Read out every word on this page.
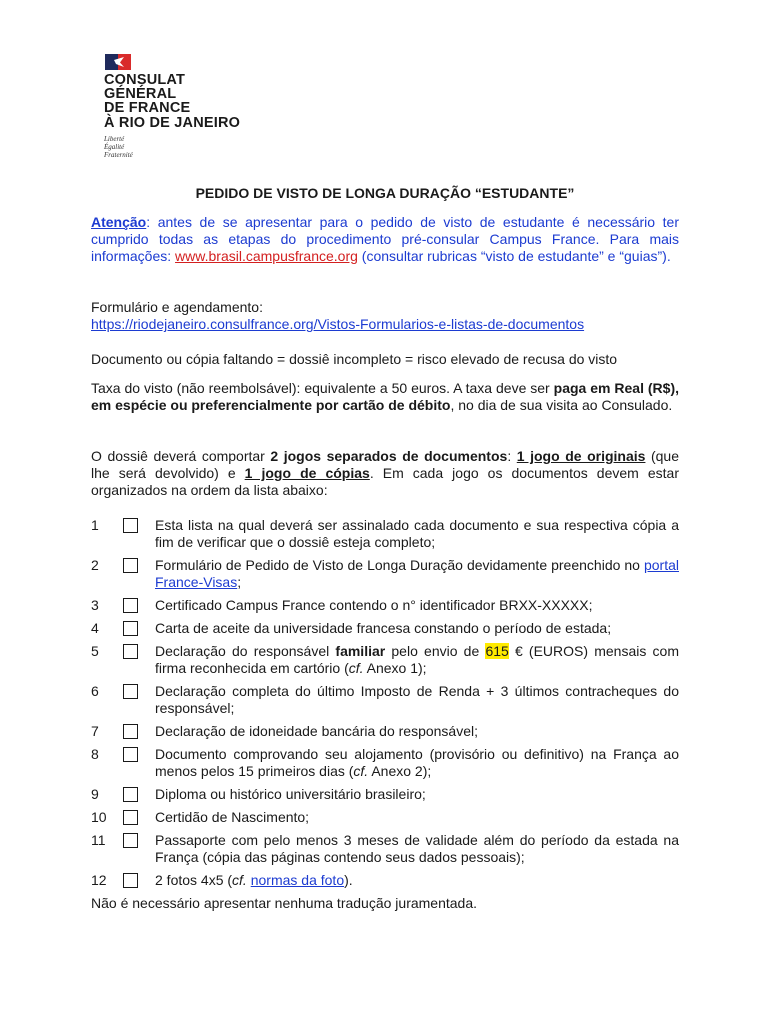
CONSULAT
GÉNÉRAL
DE FRANCE
À RIO DE JANEIRO
Liberté
Égalité
Fraternité
PEDIDO DE VISTO DE LONGA DURAÇÃO “ESTUDANTE”
Atenção: antes de se apresentar para o pedido de visto de estudante é necessário ter cumprido todas as etapas do procedimento pré-consular Campus France. Para mais informações: www.brasil.campusfrance.org (consultar rubricas “visto de estudante” e “guias”).
Formulário e agendamento:
https://riodejaneiro.consulfrance.org/Vistos-Formularios-e-listas-de-documentos
Documento ou cópia faltando = dossiê incompleto = risco elevado de recusa do visto
Taxa do visto (não reembolsável): equivalente a 50 euros. A taxa deve ser paga em Real (R$), em espécie ou preferencialmente por cartão de débito, no dia de sua visita ao Consulado.
O dossiê deverá comportar 2 jogos separados de documentos: 1 jogo de originais (que lhe será devolvido) e 1 jogo de cópias. Em cada jogo os documentos devem estar organizados na ordem da lista abaixo:
1	Esta lista na qual deverá ser assinalado cada documento e sua respectiva cópia a fim de verificar que o dossiê esteja completo;
2	Formulário de Pedido de Visto de Longa Duração devidamente preenchido no portal France-Visas;
3	Certificado Campus France contendo o n° identificador BRXX-XXXXX;
4	Carta de aceite da universidade francesa constando o período de estada;
5	Declaração do responsável familiar pelo envio de 615 € (EUROS) mensais com firma reconhecida em cartório (cf. Anexo 1);
6	Declaração completa do último Imposto de Renda + 3 últimos contracheques do responsável;
7	Declaração de idoneidade bancária do responsável;
8	Documento comprovando seu alojamento (provisório ou definitivo) na França ao menos pelos 15 primeiros dias (cf. Anexo 2);
9	Diploma ou histórico universitário brasileiro;
10	Certidão de Nascimento;
11	Passaporte com pelo menos 3 meses de validade além do período da estada na França (cópia das páginas contendo seus dados pessoais);
12	2 fotos 4x5 (cf. normas da foto).
Não é necessário apresentar nenhuma tradução juramentada.
